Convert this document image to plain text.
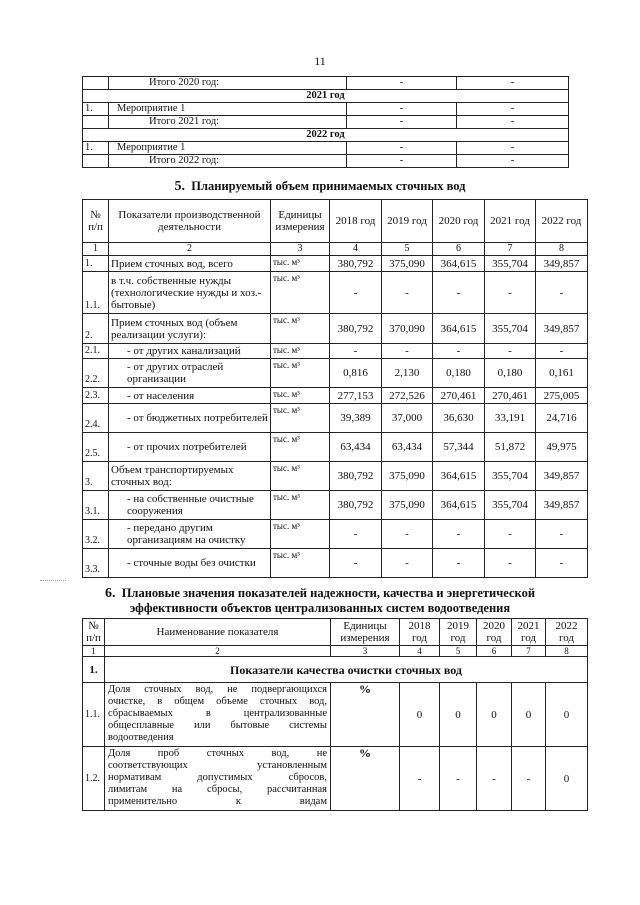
11
	Итого 2020 год:	-	-
2021 год			
1.	Мероприятие 1	-	-
	Итого 2021 год:	-	-
2022 год			
1.	Мероприятие 1	-	-
	Итого 2022 год:	-	-
5. Планируемый объем принимаемых сточных вод
№ п/п	Показатели производственной деятельности	Единицы измерения	2018 год	2019 год	2020 год	2021 год	2022 год
1	2	3	4	5	6	7	8
1.	Прием сточных вод, всего	тыс. м³	380,792	375,090	364,615	355,704	349,857
1.1.	в т.ч. собственные нужды (технологические нужды и хоз.-бытовые)	тыс. м³	-	-	-	-	-
2.	Прием сточных вод (объем реализации услуги):	тыс. м³	380,792	370,090	364,615	355,704	349,857
2.1.	- от других канализаций	тыс. м³	-	-	-	-	-
2.2.	- от других отраслей организации	тыс. м³	0,816	2,130	0,180	0,180	0,161
2.3.	- от населения	тыс. м³	277,153	272,526	270,461	270,461	275,005
2.4.	- от бюджетных потребителей	тыс. м³	39,389	37,000	36,630	33,191	24,716
2.5.	- от прочих потребителей	тыс. м³	63,434	63,434	57,344	51,872	49,975
3.	Объем транспортируемых сточных вод:	тыс. м³	380,792	375,090	364,615	355,704	349,857
3.1.	- на собственные очистные сооружения	тыс. м³	380,792	375,090	364,615	355,704	349,857
3.2.	- передано другим организациям на очистку	тыс. м³	-	-	-	-	-
3.3.	- сточные воды без очистки	тыс. м³	-	-	-	-	-
6. Плановые значения показателей надежности, качества и энергетической
эффективности объектов централизованных систем водоотведения
№ п/п	Наименование показателя	Единицы измерения	2018 год	2019 год	2020 год	2021 год	2022 год
1	2	3	4	5	6	7	8
1.	Показатели качества очистки сточных вод						
1.1.	Доля сточных вод, не подвергающихся
очистке, в общем объеме сточных вод,
сбрасываемых в централизованные
общесплавные или бытовые системы
водоотведения	%	0	0	0	0	0
1.2.	Доля проб сточных вод, не
соответствующих установленным
нормативам допустимых сбросов,
лимитам на сбросы, рассчитанная
применительно к видам	%	-	-	-	-	0
